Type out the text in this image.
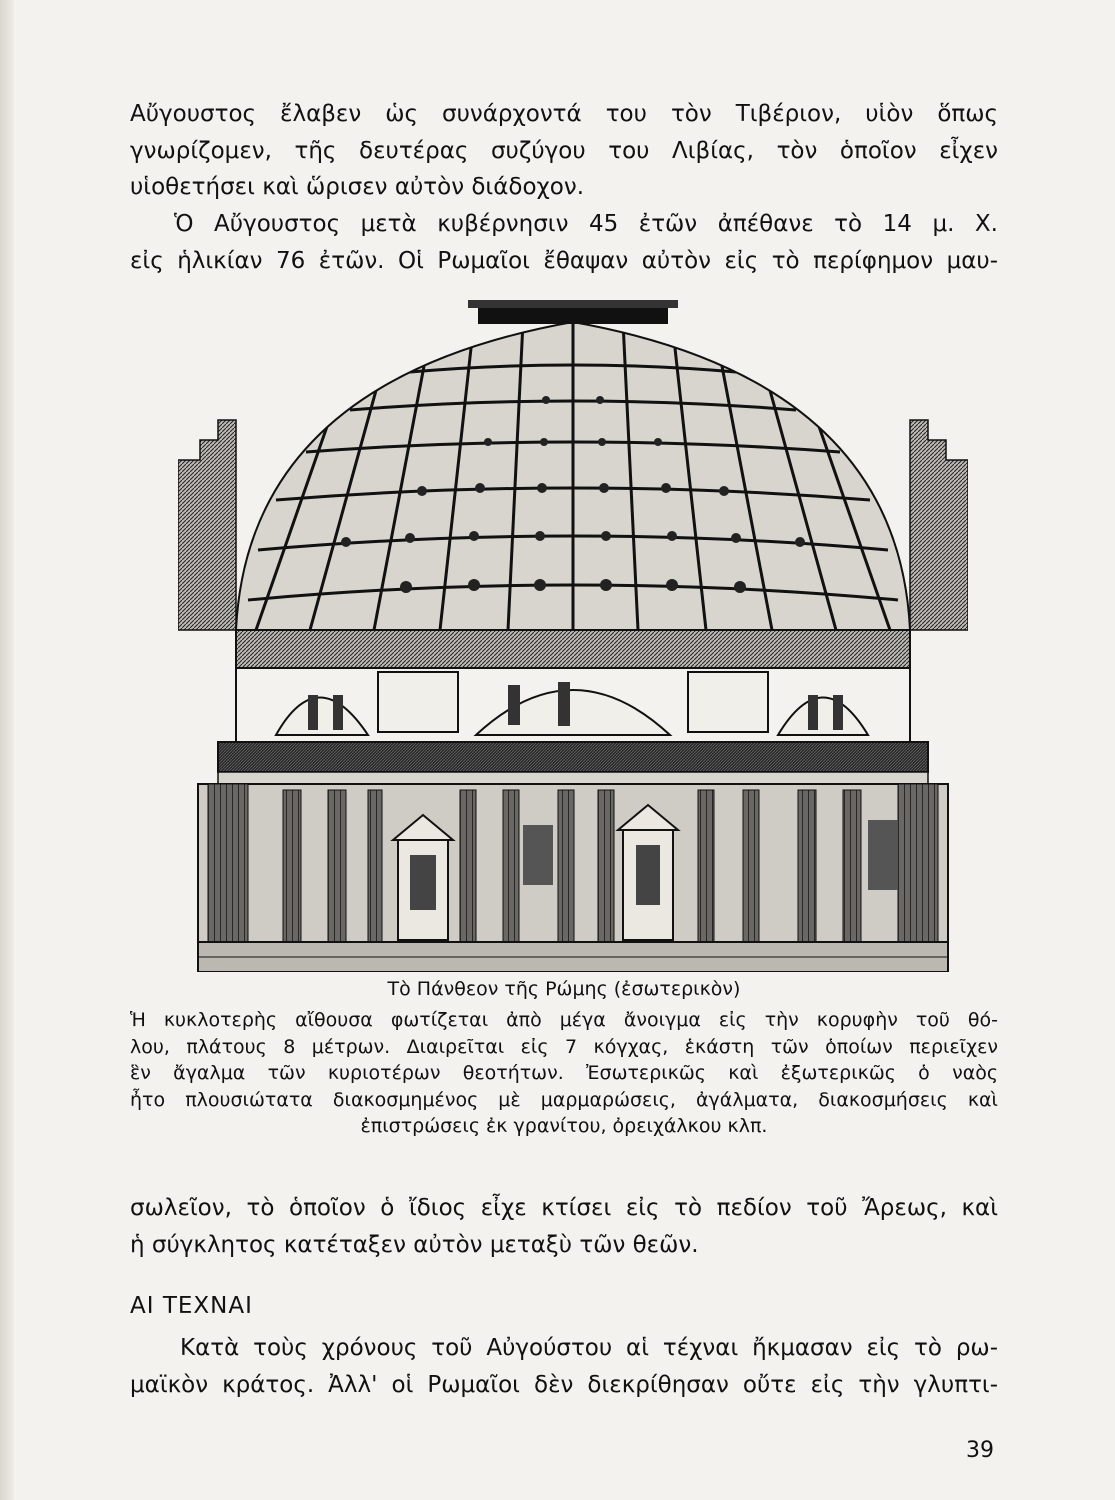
Αὔγουστος ἔλαβεν ὡς συνάρχοντά του τὸν Τιβέριον, υἱὸν ὅπως
γνωρίζομεν, τῆς δευτέρας συζύγου του Λιβίας, τὸν ὁποῖον εἶχεν
υἱοθετήσει καὶ ὥρισεν αὐτὸν διάδοχον.
Ὁ Αὔγουστος μετὰ κυβέρνησιν 45 ἐτῶν ἀπέθανε τὸ 14 μ. Χ.
εἰς ἡλικίαν 76 ἐτῶν. Οἱ Ρωμαῖοι ἔθαψαν αὐτὸν εἰς τὸ περίφημον μαυ-

Τὸ Πάνθεον τῆς Ρώμης (ἐσωτερικὸν)

Ἡ κυκλοτερὴς αἴθουσα φωτίζεται ἀπὸ μέγα ἄνοιγμα εἰς τὴν κορυφὴν τοῦ θό-
λου, πλάτους 8 μέτρων. Διαιρεῖται εἰς 7 κόγχας, ἑκάστη τῶν ὁποίων περιεῖχεν
ἓν ἄγαλμα τῶν κυριοτέρων θεοτήτων. Ἐσωτερικῶς καὶ ἐξωτερικῶς ὁ ναὸς
ἦτο πλουσιώτατα διακοσμημένος μὲ μαρμαρώσεις, ἀγάλματα, διακοσμήσεις καὶ
ἐπιστρώσεις ἐκ γρανίτου, ὀρειχάλκου κλπ.
σωλεῖον, τὸ ὁποῖον ὁ ἴδιος εἶχε κτίσει εἰς τὸ πεδίον τοῦ Ἄρεως, καὶ
ἡ σύγκλητος κατέταξεν αὐτὸν μεταξὺ τῶν θεῶν.

ΑΙ ΤΕΧΝΑΙ

Κατὰ τοὺς χρόνους τοῦ Αὐγούστου αἱ τέχναι ἤκμασαν εἰς τὸ ρω-
μαϊκὸν κράτος. Ἀλλ' οἱ Ρωμαῖοι δὲν διεκρίθησαν οὔτε εἰς τὴν γλυπτι-

39
